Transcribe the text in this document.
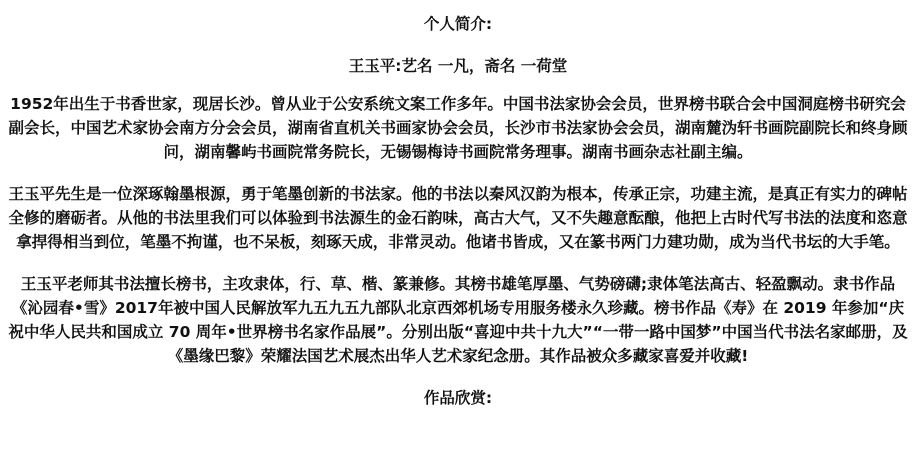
个人简介:

王玉平:艺名 一凡，斋名 一荷堂

1952年出生于书香世家，现居长沙。曾从业于公安系统文案工作多年。中国书法家协会会员，世界榜书联合会中国洞庭榜书研究会副会长，中国艺术家协会南方分会会员，湖南省直机关书画家协会会员，长沙市书法家协会会员，湖南麓沩轩书画院副院长和终身顾问，湖南馨屿书画院常务院长，无锡锡梅诗书画院常务理事。湖南书画杂志社副主编。

王玉平先生是一位深琢翰墨根源，勇于笔墨创新的书法家。他的书法以秦风汉韵为根本，传承正宗，功建主流，是真正有实力的碑帖全修的磨砺者。从他的书法里我们可以体验到书法源生的金石韵味，高古大气，又不失趣意酝酿，他把上古时代写书法的法度和恣意拿捍得相当到位，笔墨不拘谨，也不呆板，刻琢天成，非常灵动。他诸书皆成，又在篆书两门力建功勋，成为当代书坛的大手笔。

王玉平老师其书法擅长榜书，主攻隶体，行、草、楷、篆兼修。其榜书雄笔厚墨、气势磅礴;隶体笔法高古、轻盈飘动。隶书作品《沁园春•雪》2017年被中国人民解放军九五九五九部队北京西郊机场专用服务楼永久珍藏。榜书作品《寿》在 2019 年参加“庆祝中华人民共和国成立 70 周年•世界榜书名家作品展”。分别出版“喜迎中共十九大”“一带一路中国梦”中国当代书法名家邮册，及《墨缘巴黎》荣耀法国艺术展杰出华人艺术家纪念册。其作品被众多藏家喜爱并收藏!

作品欣赏:
